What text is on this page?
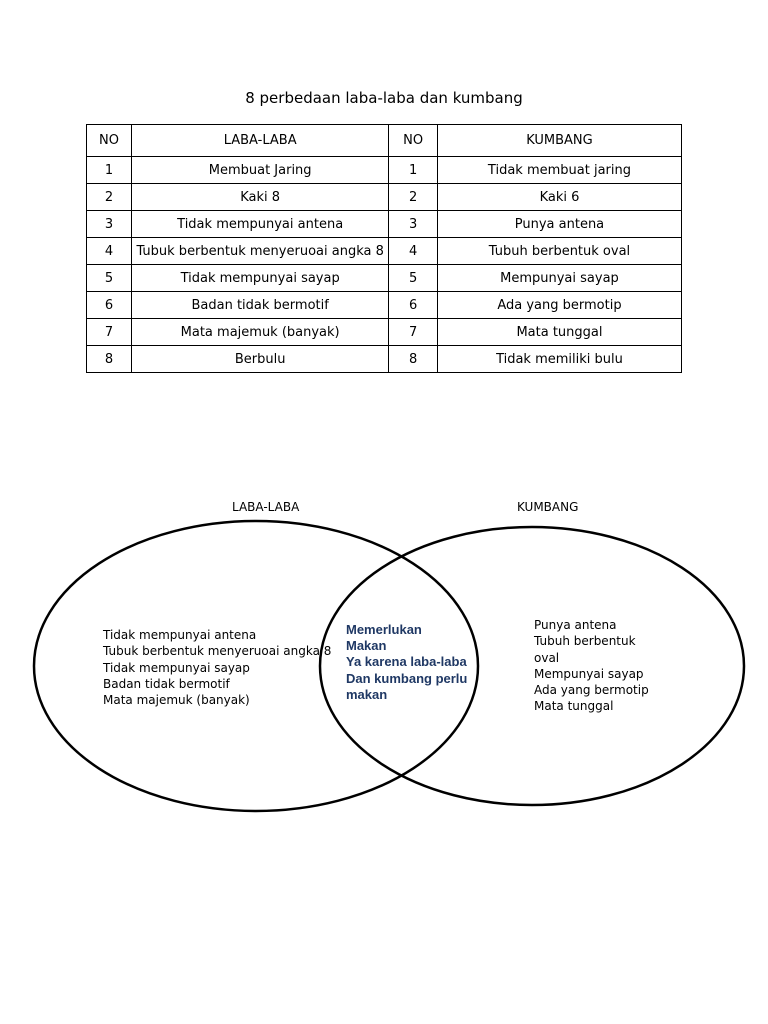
8 perbedaan laba-laba dan kumbang
NO	LABA-LABA	NO	KUMBANG
1	Membuat Jaring	1	Tidak membuat jaring
2	Kaki 8	2	Kaki 6
3	Tidak mempunyai antena	3	Punya antena
4	Tubuk berbentuk menyeruoai angka 8	4	Tubuh berbentuk oval
5	Tidak mempunyai sayap	5	Mempunyai sayap
6	Badan tidak bermotif	6	Ada yang bermotip
7	Mata majemuk (banyak)	7	Mata tunggal
8	Berbulu	8	Tidak memiliki bulu
LABA-LABA	KUMBANG
Tidak mempunyai antena
Tubuk berbentuk menyeruoai angka 8
Tidak mempunyai sayap
Badan tidak bermotif
Mata majemuk (banyak)
Memerlukan
Makan
Ya karena laba-laba
Dan kumbang perlu
makan
Punya antena
Tubuh berbentuk
oval
Mempunyai sayap
Ada yang bermotip
Mata tunggal
